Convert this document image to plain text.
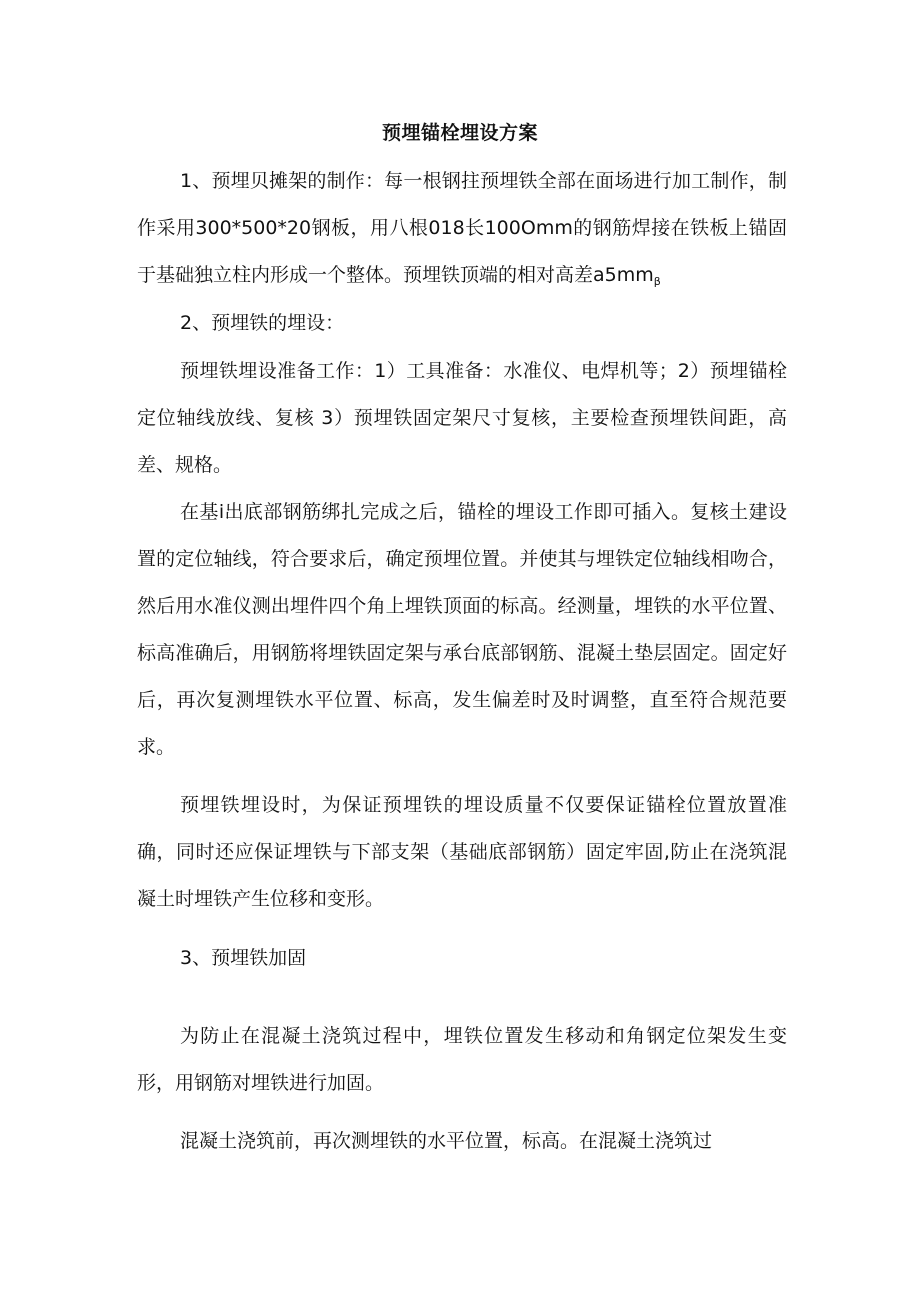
预埋锚栓埋设方案

1、预埋贝摊架的制作：每一根钢拄预埋铁全部在面场进行加工制作，制作采用300*500*20钢板，用八根018长100Omm的钢筋焊接在铁板上锚固于基础独立柱内形成一个整体。预埋铁顶端的相对高差$a5mm_\beta$

2、预埋铁的埋设：

预埋铁埋设准备工作：1）工具准备：水准仪、电焊机等；2）预埋锚栓定位轴线放线、复核 3）预埋铁固定架尺寸复核，主要检查预埋铁间距，高差、规格。

在基i出底部钢筋绑扎完成之后，锚栓的埋设工作即可插入。复核土建设置的定位轴线，符合要求后，确定预埋位置。并使其与埋铁定位轴线相吻合，然后用水准仪测出埋件四个角上埋铁顶面的标高。经测量，埋铁的水平位置、标高准确后，用钢筋将埋铁固定架与承台底部钢筋、混凝土垫层固定。固定好后，再次复测埋铁水平位置、标高，发生偏差时及时调整，直至符合规范要求。

预埋铁埋设时，为保证预埋铁的埋设质量不仅要保证锚栓位置放置准确，同时还应保证埋铁与下部支架（基础底部钢筋）固定牢固,防止在浇筑混凝土时埋铁产生位移和变形。

3、预埋铁加固

为防止在混凝土浇筑过程中，埋铁位置发生移动和角钢定位架发生变形，用钢筋对埋铁进行加固。

混凝土浇筑前，再次测埋铁的水平位置，标高。在混凝土浇筑过
